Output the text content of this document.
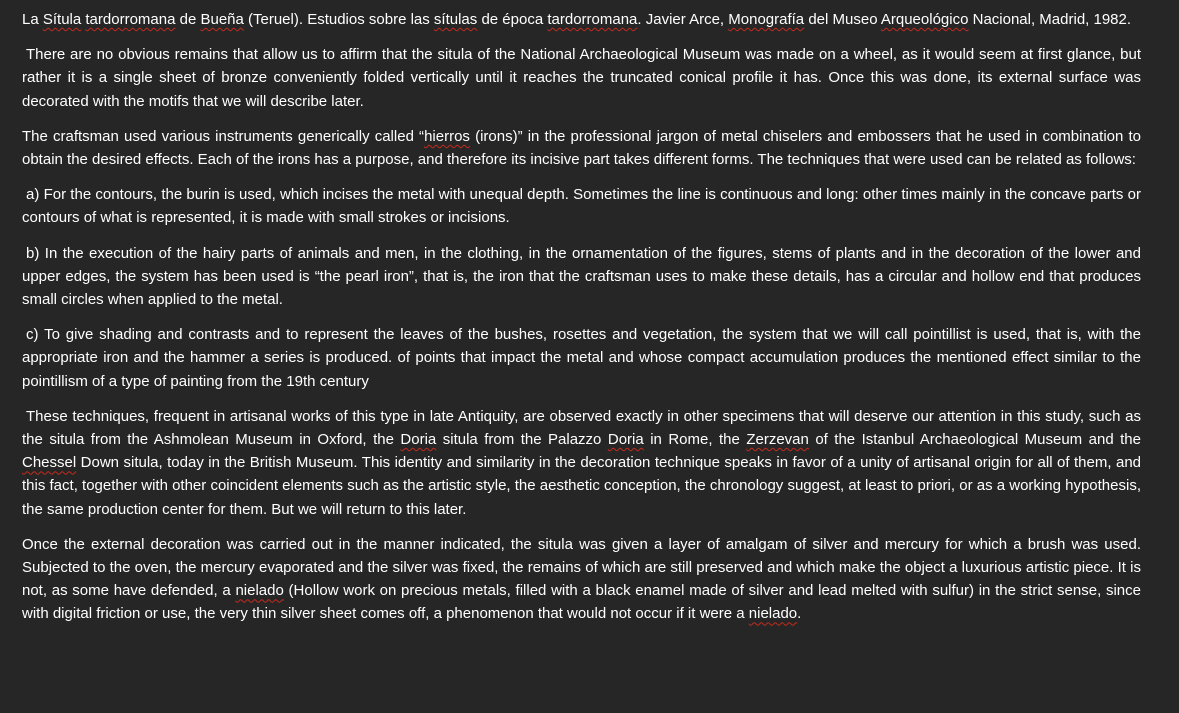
La Sítula tardorromana de Bueña (Teruel). Estudios sobre las sítulas de época tardorromana. Javier Arce, Monografía del Museo Arqueológico Nacional, Madrid, 1982.

There are no obvious remains that allow us to affirm that the situla of the National Archaeological Museum was made on a wheel, as it would seem at first glance, but rather it is a single sheet of bronze conveniently folded vertically until it reaches the truncated conical profile it has. Once this was done, its external surface was decorated with the motifs that we will describe later.

The craftsman used various instruments generically called “hierros (irons)” in the professional jargon of metal chiselers and embossers that he used in combination to obtain the desired effects. Each of the irons has a purpose, and therefore its incisive part takes different forms. The techniques that were used can be related as follows:

a) For the contours, the burin is used, which incises the metal with unequal depth. Sometimes the line is continuous and long: other times mainly in the concave parts or contours of what is represented, it is made with small strokes or incisions.

b) In the execution of the hairy parts of animals and men, in the clothing, in the ornamentation of the figures, stems of plants and in the decoration of the lower and upper edges, the system has been used is “the pearl iron”, that is, the iron that the craftsman uses to make these details, has a circular and hollow end that produces small circles when applied to the metal.

c) To give shading and contrasts and to represent the leaves of the bushes, rosettes and vegetation, the system that we will call pointillist is used, that is, with the appropriate iron and the hammer a series is produced. of points that impact the metal and whose compact accumulation produces the mentioned effect similar to the pointillism of a type of painting from the 19th century

These techniques, frequent in artisanal works of this type in late Antiquity, are observed exactly in other specimens that will deserve our attention in this study, such as the situla from the Ashmolean Museum in Oxford, the Doria situla from the Palazzo Doria in Rome, the Zerzevan of the Istanbul Archaeological Museum and the Chessel Down situla, today in the British Museum. This identity and similarity in the decoration technique speaks in favor of a unity of artisanal origin for all of them, and this fact, together with other coincident elements such as the artistic style, the aesthetic conception, the chronology suggest, at least to priori, or as a working hypothesis, the same production center for them. But we will return to this later.

Once the external decoration was carried out in the manner indicated, the situla was given a layer of amalgam of silver and mercury for which a brush was used. Subjected to the oven, the mercury evaporated and the silver was fixed, the remains of which are still preserved and which make the object a luxurious artistic piece. It is not, as some have defended, a nielado (Hollow work on precious metals, filled with a black enamel made of silver and lead melted with sulfur) in the strict sense, since with digital friction or use, the very thin silver sheet comes off, a phenomenon that would not occur if it were a nielado.
